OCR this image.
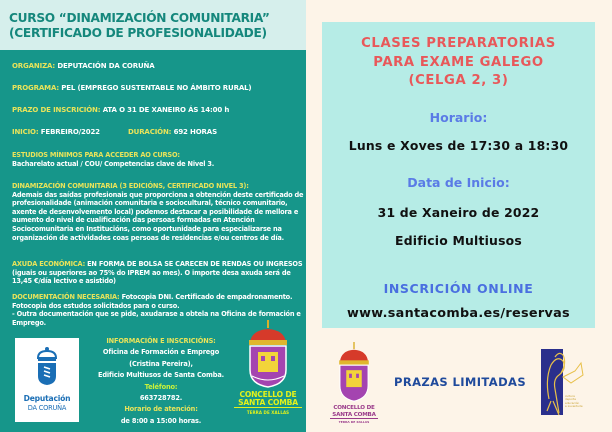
CURSO “DINAMIZACIÓN COMUNITARIA”
(CERTIFICADO DE PROFESIONALIDADE)
ORGANIZA: DEPUTACIÓN DA CORUÑA
PROGRAMA: PEL (EMPREGO SUSTENTABLE NO ÁMBITO RURAL)
PRAZO DE INSCRICIÓN: ATA O 31 DE XANEIRO ÁS 14:00 h
INICIO: FEBREIRO/2022	DURACIÓN: 692 HORAS
ESTUDIOS MÍNIMOS PARA ACCEDER AO CURSO:
Bacharelato actual / COU/ Competencias clave de Nivel 3.
DINAMIZACIÓN COMUNITARIA (3 EDICIÓNS, CERTIFICADO NIVEL 3):
Ademais das saídas profesionais que proporciona a obtención deste certificado de profesionalidade (animación comunitaria e sociocultural, técnico comunitario, axente de desenvolvemento local) podemos destacar a posibilidade de mellora e aumento do nivel de cualificación das persoas formadas en Atención Sociocomunitaria en Institucións, como oportunidade para especializarse na organización de actividades coas persoas de residencias e/ou centros de día.
AXUDA ECONÓMICA: EN FORMA DE BOLSA SE CARECEN DE RENDAS OU INGRESOS (iguais ou superiores ao 75% do IPREM ao mes). O importe desa axuda será de 13,45 €/día lectivo e asistido)
DOCUMENTACIÓN NECESARIA: Fotocopia DNI. Certificado de empadronamento. Fotocopia dos estudos solicitados para o curso.
- Outra documentación que se pide, axudarase a obtela na Oficina de formación e Emprego.
Deputación
DA CORUÑA
INFORMACIÓN E INSCRICIÓNS:
Oficina de Formación e Emprego
(Cristina Pereira),
Edificio Multiusos de Santa Comba.
Teléfono:
663728782.
Horario de atención:
de 8:00 a 15:00 horas.
CONCELLO DE
SANTA COMBA
TERRA DE XALLAS
CLASES PREPARATORIAS
PARA EXAME GALEGO
(CELGA 2, 3)
Horario:
Luns e Xoves de 17:30 a 18:30
Data de Inicio:
31 de Xaneiro de 2022
Edificio Multiusos
INSCRICIÓN ONLINE
www.santacomba.es/reservas
CONCELLO DE
SANTA COMBA
TERRA DE XALLAS
PRAZAS LIMITADAS
cultura
deporte
educación
e xuventude
